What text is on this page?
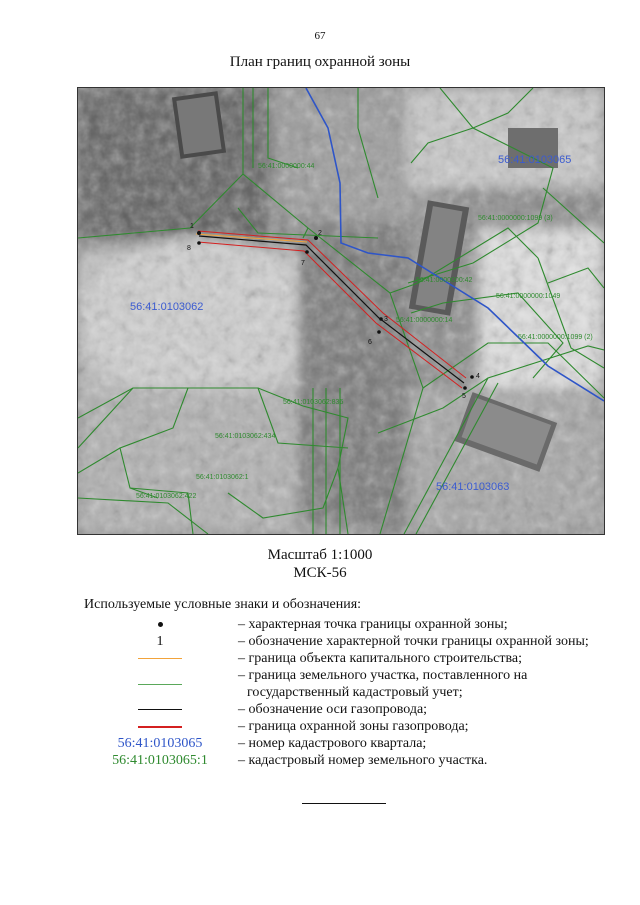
67
План границ охранной зоны
1
2
3
4
5
6
7
8
56:41:0103065
56:41:0103062
56:41:0103063
56:41:0000000:44
56:41:0000000:1099 (3)
56:41:0000000:42
56:41:0000000:1049
56:41:0000000:1099 (2)
56:41:0000000:14
56:41:0103062:836
56:41:0103062:434
56:41:0103062:1
56:41:0103062:422
Масштаб 1:1000
МСК-56
Используемые условные знаки и обозначения:
– характерная точка границы охранной зоны;
1	– обозначение характерной точки границы охранной зоны;
– граница объекта капитального строительства;
– граница земельного участка, поставленного на
государственный кадастровый учет;
– обозначение оси газопровода;
– граница охранной зоны газопровода;
56:41:0103065	– номер кадастрового квартала;
56:41:0103065:1 – кадастровый номер земельного участка.
